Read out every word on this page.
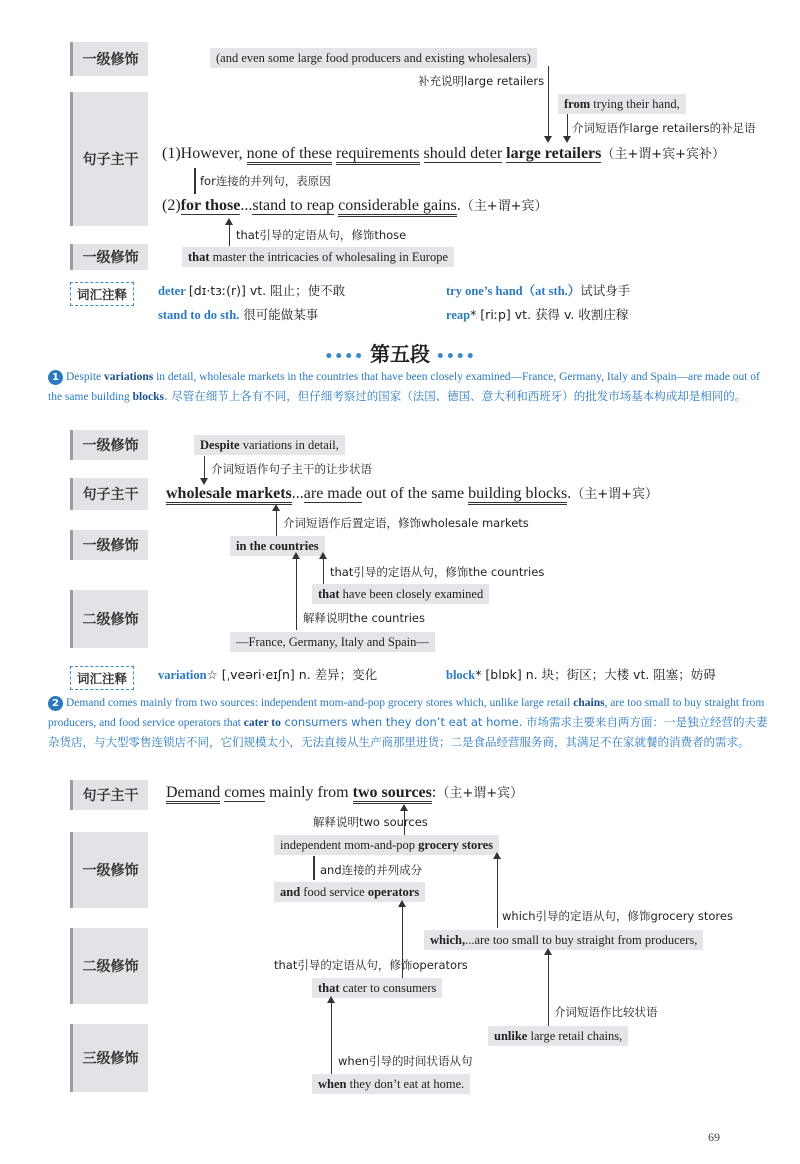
一级修饰
句子主干
一级修饰
(and even some large food producers and existing wholesalers)
补充说明large retailers
from trying their hand,
介词短语作large retailers的补足语
(1)However, none of these requirements should deter large retailers（主+谓+宾+宾补）
for连接的并列句，表原因
(2)for those...stand to reap considerable gains.（主+谓+宾）
that引导的定语从句，修饰those
that master the intricacies of wholesaling in Europe
词汇注释	deter [dɪ·tɜː(r)] vt. 阻止；使不敢	try one’s hand（at sth.）试试身手
stand to do sth. 很可能做某事	reap* [riːp] vt. 获得 v. 收割庄稼
•••• 第五段 ••••
1 Despite variations in detail, wholesale markets in the countries that have been closely examined—France, Germany, Italy and Spain—are made out of the same building blocks. 尽管在细节上各有不同，但仔细考察过的国家（法国、德国、意大利和西班牙）的批发市场基本构成却是相同的。
一级修饰
句子主干
一级修饰
二级修饰
Despite variations in detail,
介词短语作句子主干的让步状语
wholesale markets...are made out of the same building blocks.（主+谓+宾）
介词短语作后置定语，修饰wholesale markets
in the countries
that引导的定语从句，修饰the countries
that have been closely examined
解释说明the countries
—France, Germany, Italy and Spain—
词汇注释	variation☆ [ˌveəri·eɪʃn] n. 差异；变化	block* [blɒk] n. 块；街区；大楼 vt. 阻塞；妨碍
2 Demand comes mainly from two sources: independent mom-and-pop grocery stores which, unlike large retail chains, are too small to buy straight from producers, and food service operators that cater to consumers when they don’t eat at home. 市场需求主要来自两方面：一是独立经营的夫妻杂货店，与大型零售连锁店不同，它们规模太小，无法直接从生产商那里进货；二是食品经营服务商，其满足不在家就餐的消费者的需求。
句子主干
一级修饰
二级修饰
三级修饰
Demand comes mainly from two sources:（主+谓+宾）
解释说明two sources
independent mom-and-pop grocery stores
and连接的并列成分
and food service operators
which引导的定语从句，修饰grocery stores
which,...are too small to buy straight from producers,
that引导的定语从句，修饰operators
that cater to consumers
介词短语作比较状语
unlike large retail chains,
when引导的时间状语从句
when they don’t eat at home.
69
